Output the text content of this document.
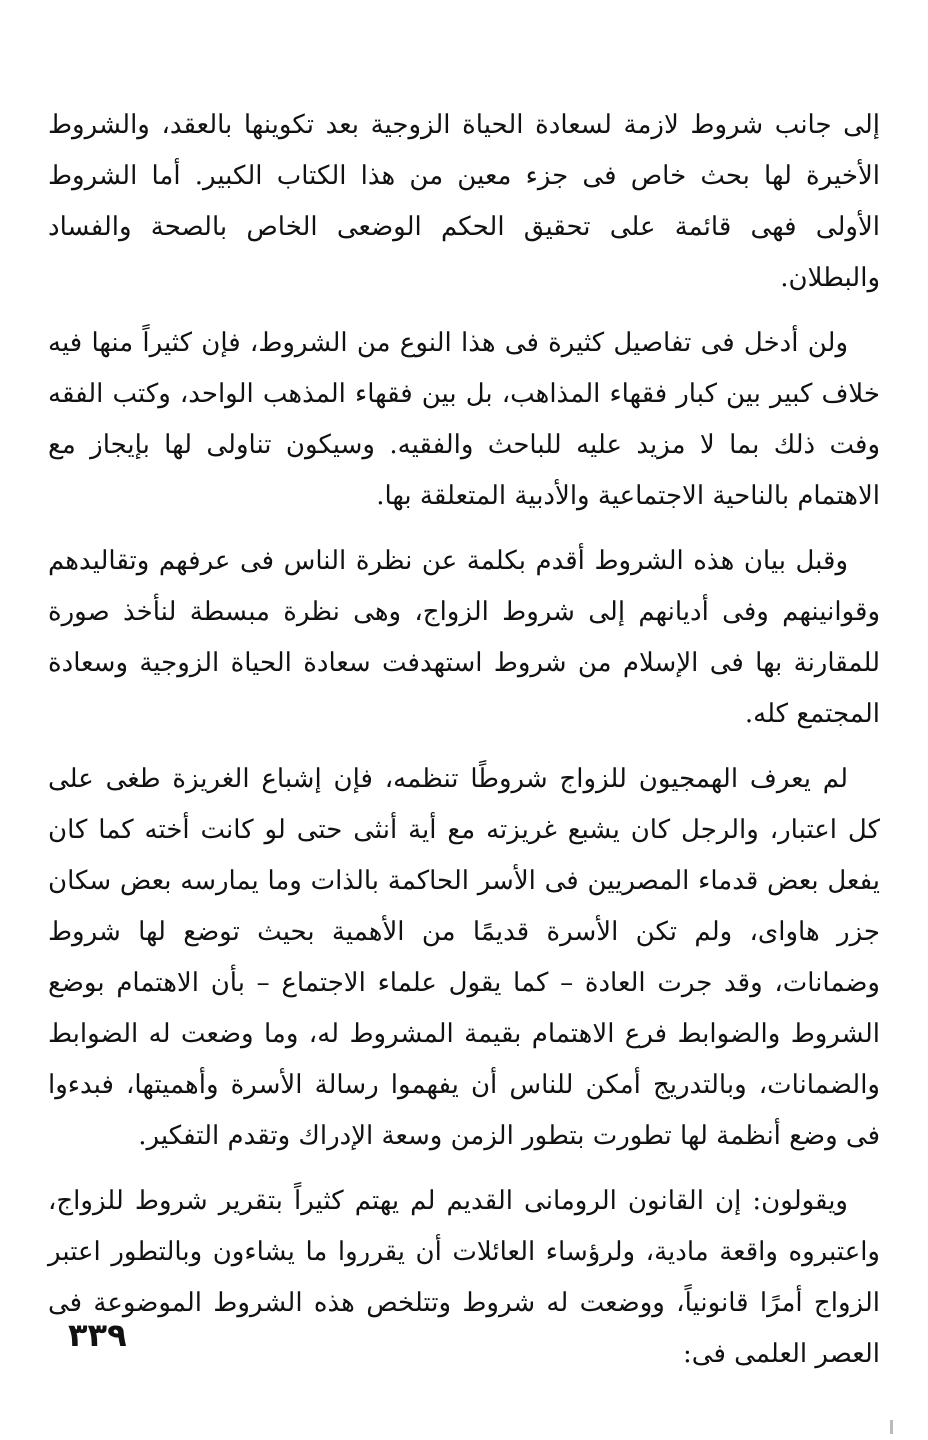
إلى جانب شروط لازمة لسعادة الحياة الزوجية بعد تكوينها بالعقد، والشروط الأخيرة لها بحث خاص فى جزء معين من هذا الكتاب الكبير. أما الشروط الأولى فهى قائمة على تحقيق الحكم الوضعى الخاص بالصحة والفساد والبطلان.

ولن أدخل فى تفاصيل كثيرة فى هذا النوع من الشروط، فإن كثيراً منها فيه خلاف كبير بين كبار فقهاء المذاهب، بل بين فقهاء المذهب الواحد، وكتب الفقه وفت ذلك بما لا مزيد عليه للباحث والفقيه. وسيكون تناولى لها بإيجاز مع الاهتمام بالناحية الاجتماعية والأدبية المتعلقة بها.

وقبل بيان هذه الشروط أقدم بكلمة عن نظرة الناس فى عرفهم وتقاليدهم وقوانينهم وفى أديانهم إلى شروط الزواج، وهى نظرة مبسطة لنأخذ صورة للمقارنة بها فى الإسلام من شروط استهدفت سعادة الحياة الزوجية وسعادة المجتمع كله.

لم يعرف الهمجيون للزواج شروطًا تنظمه، فإن إشباع الغريزة طغى على كل اعتبار، والرجل كان يشبع غريزته مع أية أنثى حتى لو كانت أخته كما كان يفعل بعض قدماء المصريين فى الأسر الحاكمة بالذات وما يمارسه بعض سكان جزر هاواى، ولم تكن الأسرة قديمًا من الأهمية بحيث توضع لها شروط وضمانات، وقد جرت العادة – كما يقول علماء الاجتماع – بأن الاهتمام بوضع الشروط والضوابط فرع الاهتمام بقيمة المشروط له، وما وضعت له الضوابط والضمانات، وبالتدريج أمكن للناس أن يفهموا رسالة الأسرة وأهميتها، فبدءوا فى وضع أنظمة لها تطورت بتطور الزمن وسعة الإدراك وتقدم التفكير.

ويقولون: إن القانون الرومانى القديم لم يهتم كثيراً بتقرير شروط للزواج، واعتبروه واقعة مادية، ولرؤساء العائلات أن يقرروا ما يشاءون وبالتطور اعتبر الزواج أمرًا قانونياً، ووضعت له شروط وتتلخص هذه الشروط الموضوعة فى العصر العلمى فى:

٣٣٩
